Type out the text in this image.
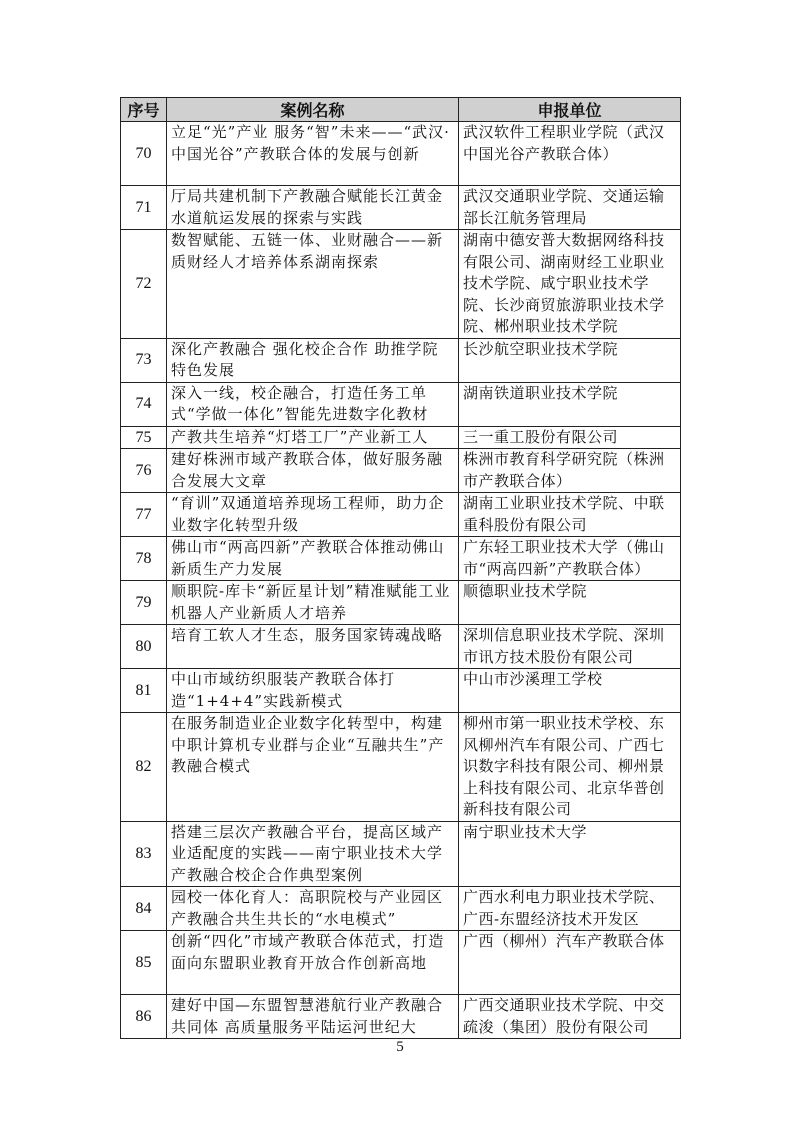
序号	案例名称	申报单位
70	立足“光”产业 服务“智”未来——“武汉·中国光谷”产教联合体的发展与创新	武汉软件工程职业学院（武汉中国光谷产教联合体）
71	厅局共建机制下产教融合赋能长江黄金水道航运发展的探索与实践	武汉交通职业学院、交通运输部长江航务管理局
72	数智赋能、五链一体、业财融合——新质财经人才培养体系湖南探索	湖南中德安普大数据网络科技有限公司、湖南财经工业职业技术学院、咸宁职业技术学院、长沙商贸旅游职业技术学院、郴州职业技术学院
73	深化产教融合 强化校企合作 助推学院特色发展	长沙航空职业技术学院
74	深入一线，校企融合，打造任务工单式“学做一体化”智能先进数字化教材	湖南铁道职业技术学院
75	产教共生培养“灯塔工厂”产业新工人	三一重工股份有限公司
76	建好株洲市域产教联合体，做好服务融合发展大文章	株洲市教育科学研究院（株洲市产教联合体）
77	“育训”双通道培养现场工程师，助力企业数字化转型升级	湖南工业职业技术学院、中联重科股份有限公司
78	佛山市“两高四新”产教联合体推动佛山新质生产力发展	广东轻工职业技术大学（佛山市“两高四新”产教联合体）
79	顺职院-库卡“新匠星计划”精准赋能工业机器人产业新质人才培养	顺德职业技术学院
80	培育工软人才生态，服务国家铸魂战略	深圳信息职业技术学院、深圳市讯方技术股份有限公司
81	中山市域纺织服装产教联合体打造“1+4+4”实践新模式	中山市沙溪理工学校
82	在服务制造业企业数字化转型中，构建中职计算机专业群与企业“互融共生”产教融合模式	柳州市第一职业技术学校、东风柳州汽车有限公司、广西七识数字科技有限公司、柳州景上科技有限公司、北京华普创新科技有限公司
83	搭建三层次产教融合平台，提高区域产业适配度的实践——南宁职业技术大学产教融合校企合作典型案例	南宁职业技术大学
84	园校一体化育人：高职院校与产业园区产教融合共生共长的“水电模式”	广西水利电力职业技术学院、广西-东盟经济技术开发区
85	创新“四化”市域产教联合体范式，打造面向东盟职业教育开放合作创新高地	广西（柳州）汽车产教联合体
86	建好中国—东盟智慧港航行业产教融合共同体 高质量服务平陆运河世纪大	广西交通职业技术学院、中交疏浚（集团）股份有限公司
5
